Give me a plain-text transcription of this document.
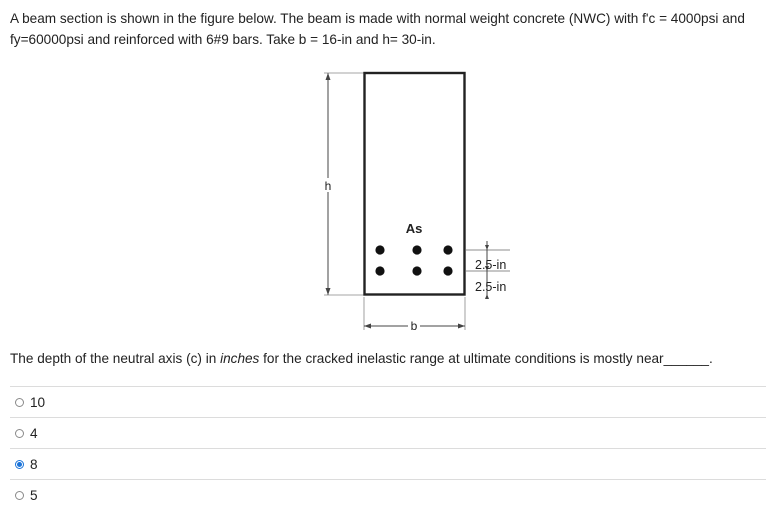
A beam section is shown in the figure below. The beam is made with normal weight concrete (NWC) with f'c = 4000psi and
fy=60000psi and reinforced with 6#9 bars. Take b = 16-in and h= 30-in.
h
As
2.5-in
2.5-in
b
The depth of the neutral axis (c) in inches for the cracked inelastic range at ultimate conditions is mostly near______.
10
4
8
5
